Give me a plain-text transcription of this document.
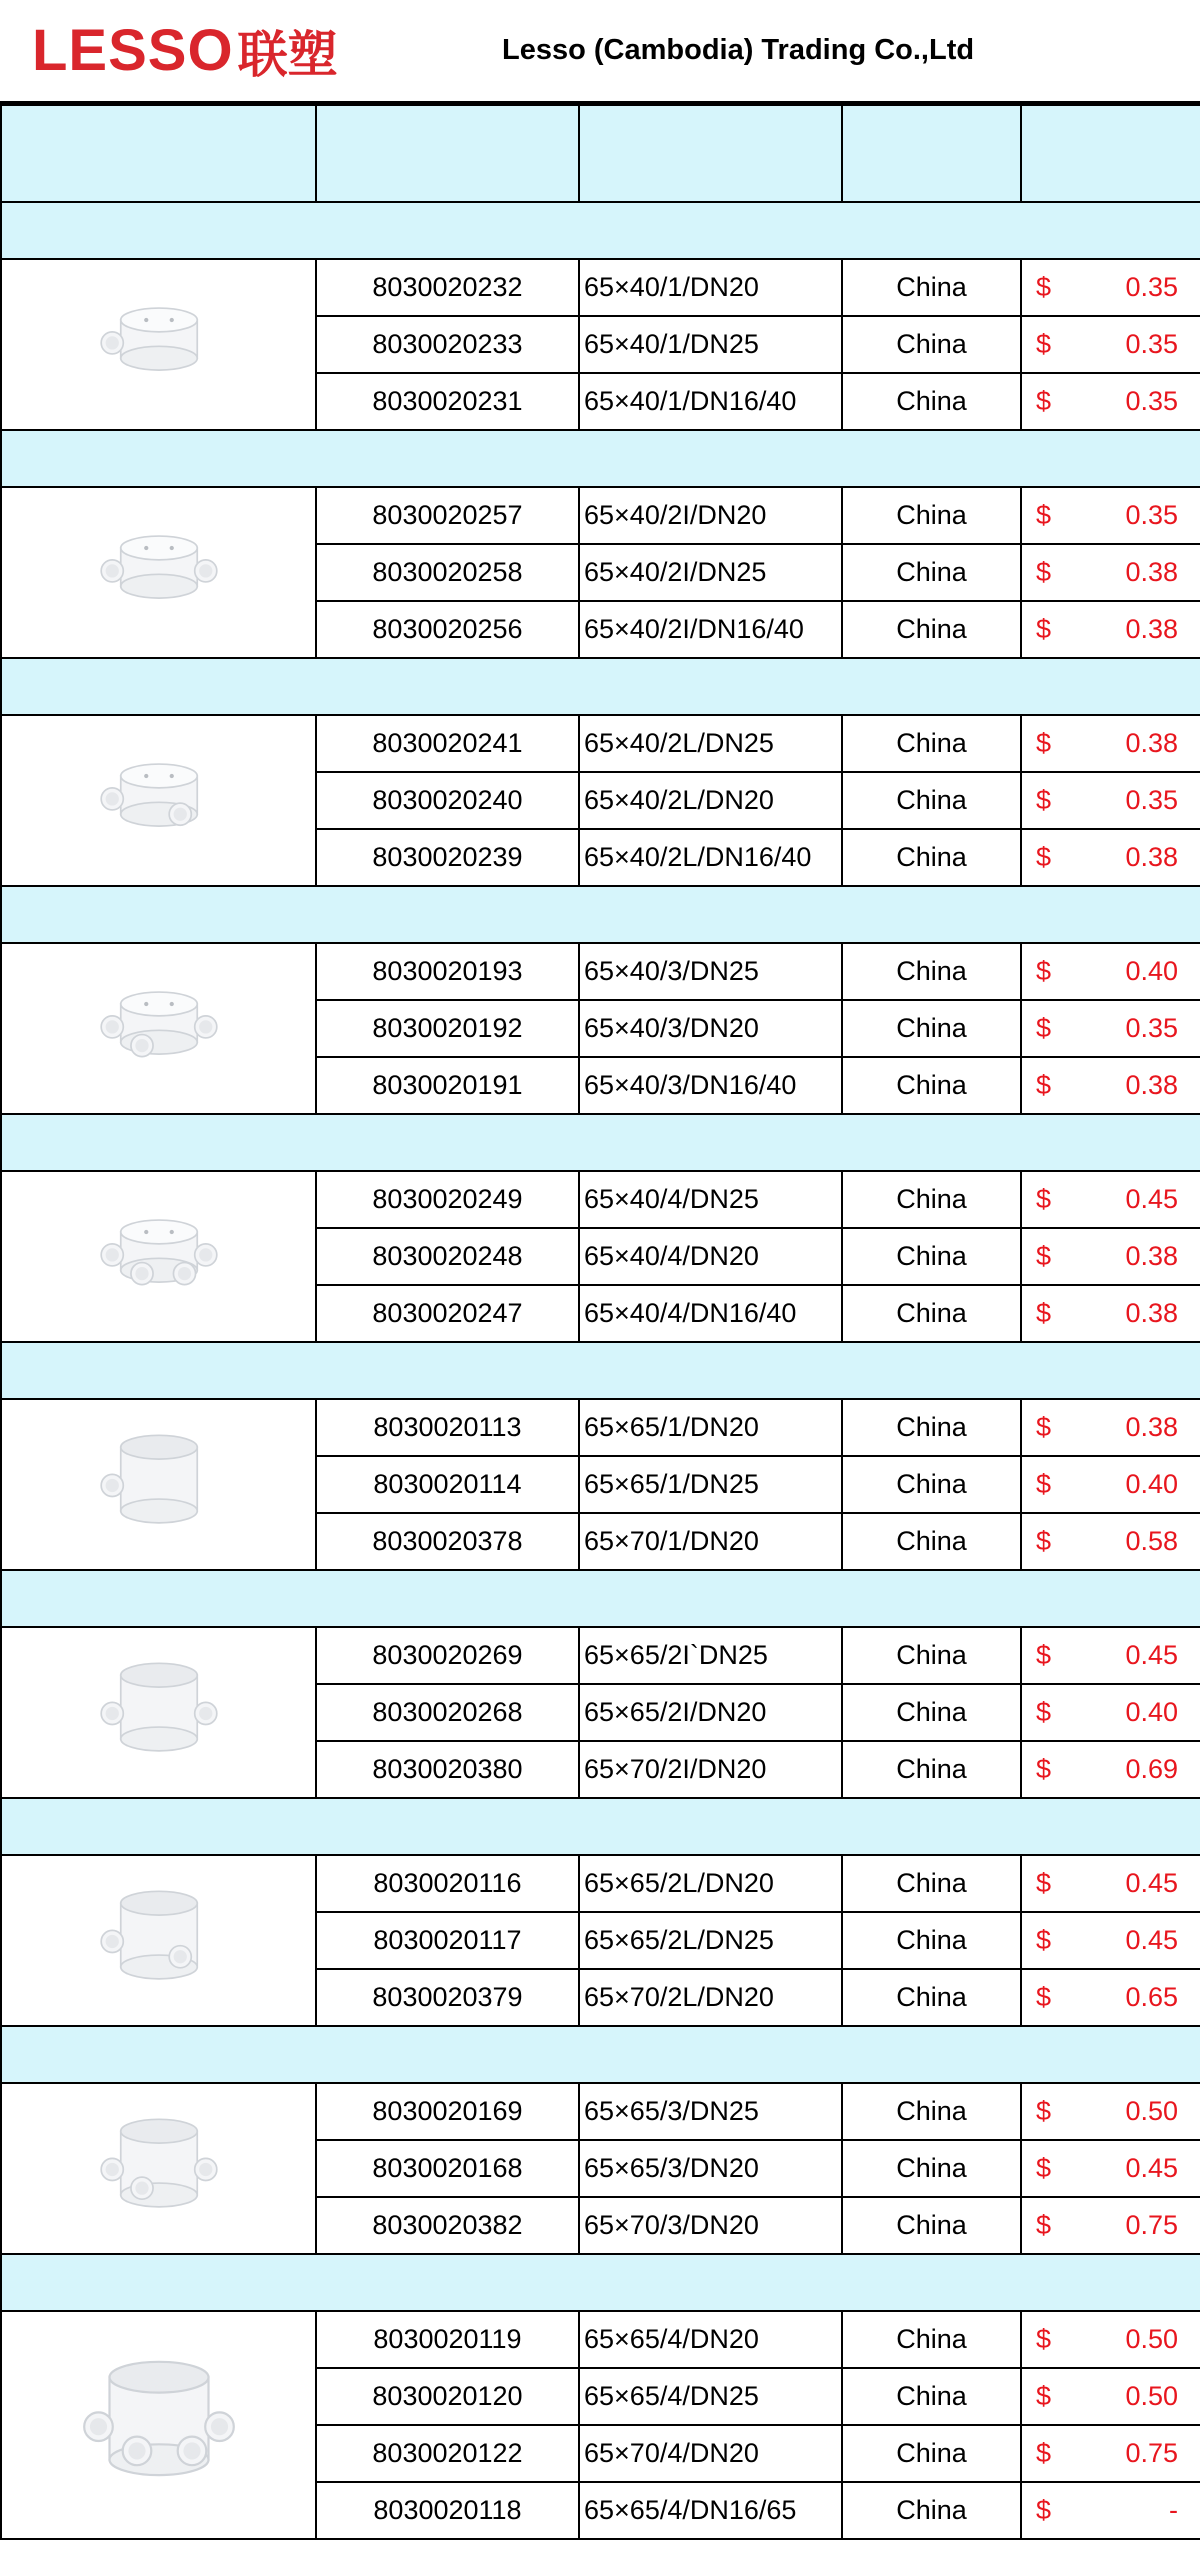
LESSO 联塑	Lesso (Cambodia) Trading Co.,Ltd

	8030020232	65×40/1/DN20	China	$ 0.35

	8030020233	65×40/1/DN25	China	$ 0.35

	8030020231	65×40/1/DN16/40	China	$ 0.35

	8030020257	65×40/2I/DN20	China	$ 0.35

	8030020258	65×40/2I/DN25	China	$ 0.38

	8030020256	65×40/2I/DN16/40	China	$ 0.38

	8030020241	65×40/2L/DN25	China	$ 0.38

	8030020240	65×40/2L/DN20	China	$ 0.35

	8030020239	65×40/2L/DN16/40	China	$ 0.38

	8030020193	65×40/3/DN25	China	$ 0.40

	8030020192	65×40/3/DN20	China	$ 0.35

	8030020191	65×40/3/DN16/40	China	$ 0.38

	8030020249	65×40/4/DN25	China	$ 0.45

	8030020248	65×40/4/DN20	China	$ 0.38

	8030020247	65×40/4/DN16/40	China	$ 0.38

	8030020113	65×65/1/DN20	China	$ 0.38

	8030020114	65×65/1/DN25	China	$ 0.40

	8030020378	65×70/1/DN20	China	$ 0.58

	8030020269	65×65/2I`DN25	China	$ 0.45

	8030020268	65×65/2I/DN20	China	$ 0.40

	8030020380	65×70/2I/DN20	China	$ 0.69

	8030020116	65×65/2L/DN20	China	$ 0.45

	8030020117	65×65/2L/DN25	China	$ 0.45

	8030020379	65×70/2L/DN20	China	$ 0.65

	8030020169	65×65/3/DN25	China	$ 0.50

	8030020168	65×65/3/DN20	China	$ 0.45

	8030020382	65×70/3/DN20	China	$ 0.75

	8030020119	65×65/4/DN20	China	$ 0.50

	8030020120	65×65/4/DN25	China	$ 0.50

	8030020122	65×70/4/DN20	China	$ 0.75

	8030020118	65×65/4/DN16/65	China	$ -
